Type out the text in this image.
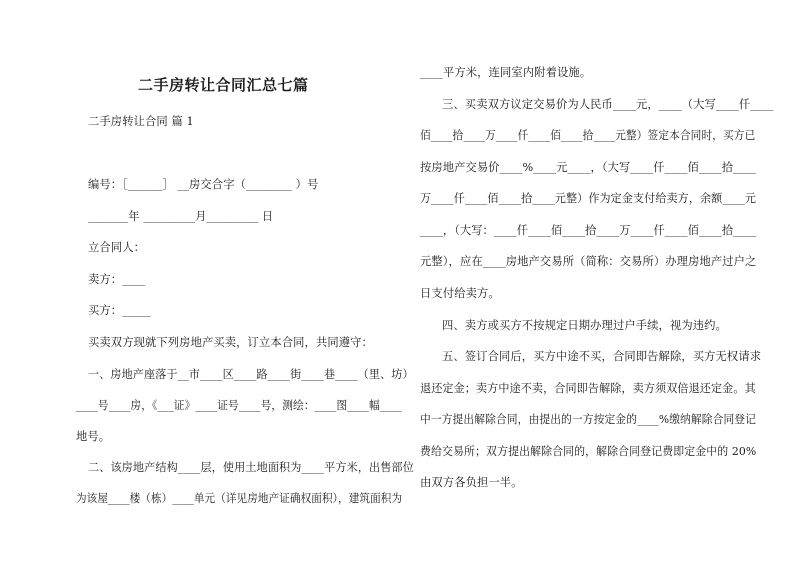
二手房转让合同汇总七篇
二手房转让合同 篇 1
编号：［______］ __房交合字（________ ）号
_______年 _________月_________ 日
立合同人：
卖方：____
买方：_____
买卖双方现就下列房地产买卖，订立本合同，共同遵守：
一、房地产座落于__市____区____路____街____巷____（里、坊）
____号____房，《___证》____证号____号，测绘：____图____幅____
地号。
二、该房地产结构____层，使用土地面积为____平方米，出售部位
为该屋____楼（栋）____单元（详见房地产证确权面积），建筑面积为
____平方米，连同室内附着设施。
三、买卖双方议定交易价为人民币____元，____（大写____仟____
佰____拾____万____仟____佰____拾____元整）签定本合同时，买方已
按房地产交易价____%____元____，（大写____仟____佰____拾____
万____仟____佰____拾____元整）作为定金支付给卖方，余额____元
____，（大写：____仟____佰____拾____万____仟____佰____拾____
元整），应在____房地产交易所（简称：交易所）办理房地产过户之
日支付给卖方。
四、卖方或买方不按规定日期办理过户手续，视为违约。
五、签订合同后，买方中途不买，合同即告解除，买方无权请求
退还定金；卖方中途不卖，合同即告解除，卖方须双倍退还定金。其
中一方提出解除合同，由提出的一方按定金的____%缴纳解除合同登记
费给交易所；双方提出解除合同的，解除合同登记费即定金中的 20%
由双方各负担一半。
